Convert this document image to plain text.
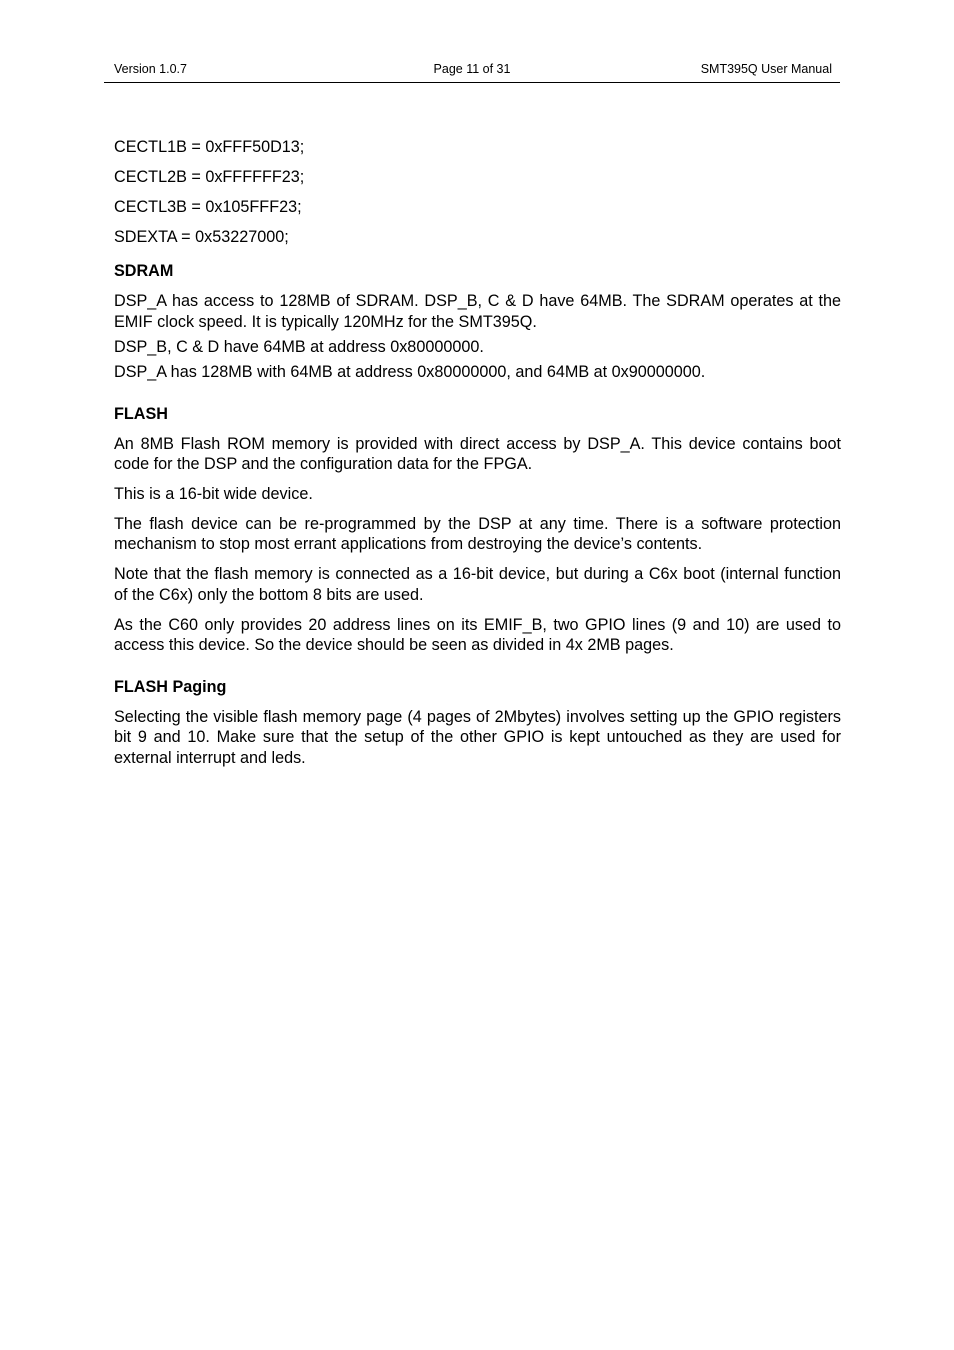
Version 1.0.7	Page 11 of 31	SMT395Q User Manual
CECTL1B = 0xFFF50D13;
CECTL2B = 0xFFFFFF23;
CECTL3B = 0x105FFF23;
SDEXTA = 0x53227000;
SDRAM

DSP_A has access to 128MB of SDRAM. DSP_B, C & D have 64MB. The SDRAM operates at the EMIF clock speed. It is typically 120MHz for the SMT395Q.

DSP_B, C & D have 64MB at address 0x80000000.

DSP_A has 128MB with 64MB at address 0x80000000, and 64MB at 0x90000000.

FLASH

An 8MB Flash ROM memory is provided with direct access by DSP_A. This device contains boot code for the DSP and the configuration data for the FPGA.

This is a 16-bit wide device.

The flash device can be re-programmed by the DSP at any time. There is a software protection mechanism to stop most errant applications from destroying the device’s contents.

Note that the flash memory is connected as a 16-bit device, but during a C6x boot (internal function of the C6x) only the bottom 8 bits are used.

As the C60 only provides 20 address lines on its EMIF_B, two GPIO lines (9 and 10) are used to access this device. So the device should be seen as divided in 4x 2MB pages.

FLASH Paging

Selecting the visible flash memory page (4 pages of 2Mbytes) involves setting up the GPIO registers bit 9 and 10. Make sure that the setup of the other GPIO is kept untouched as they are used for external interrupt and leds.
